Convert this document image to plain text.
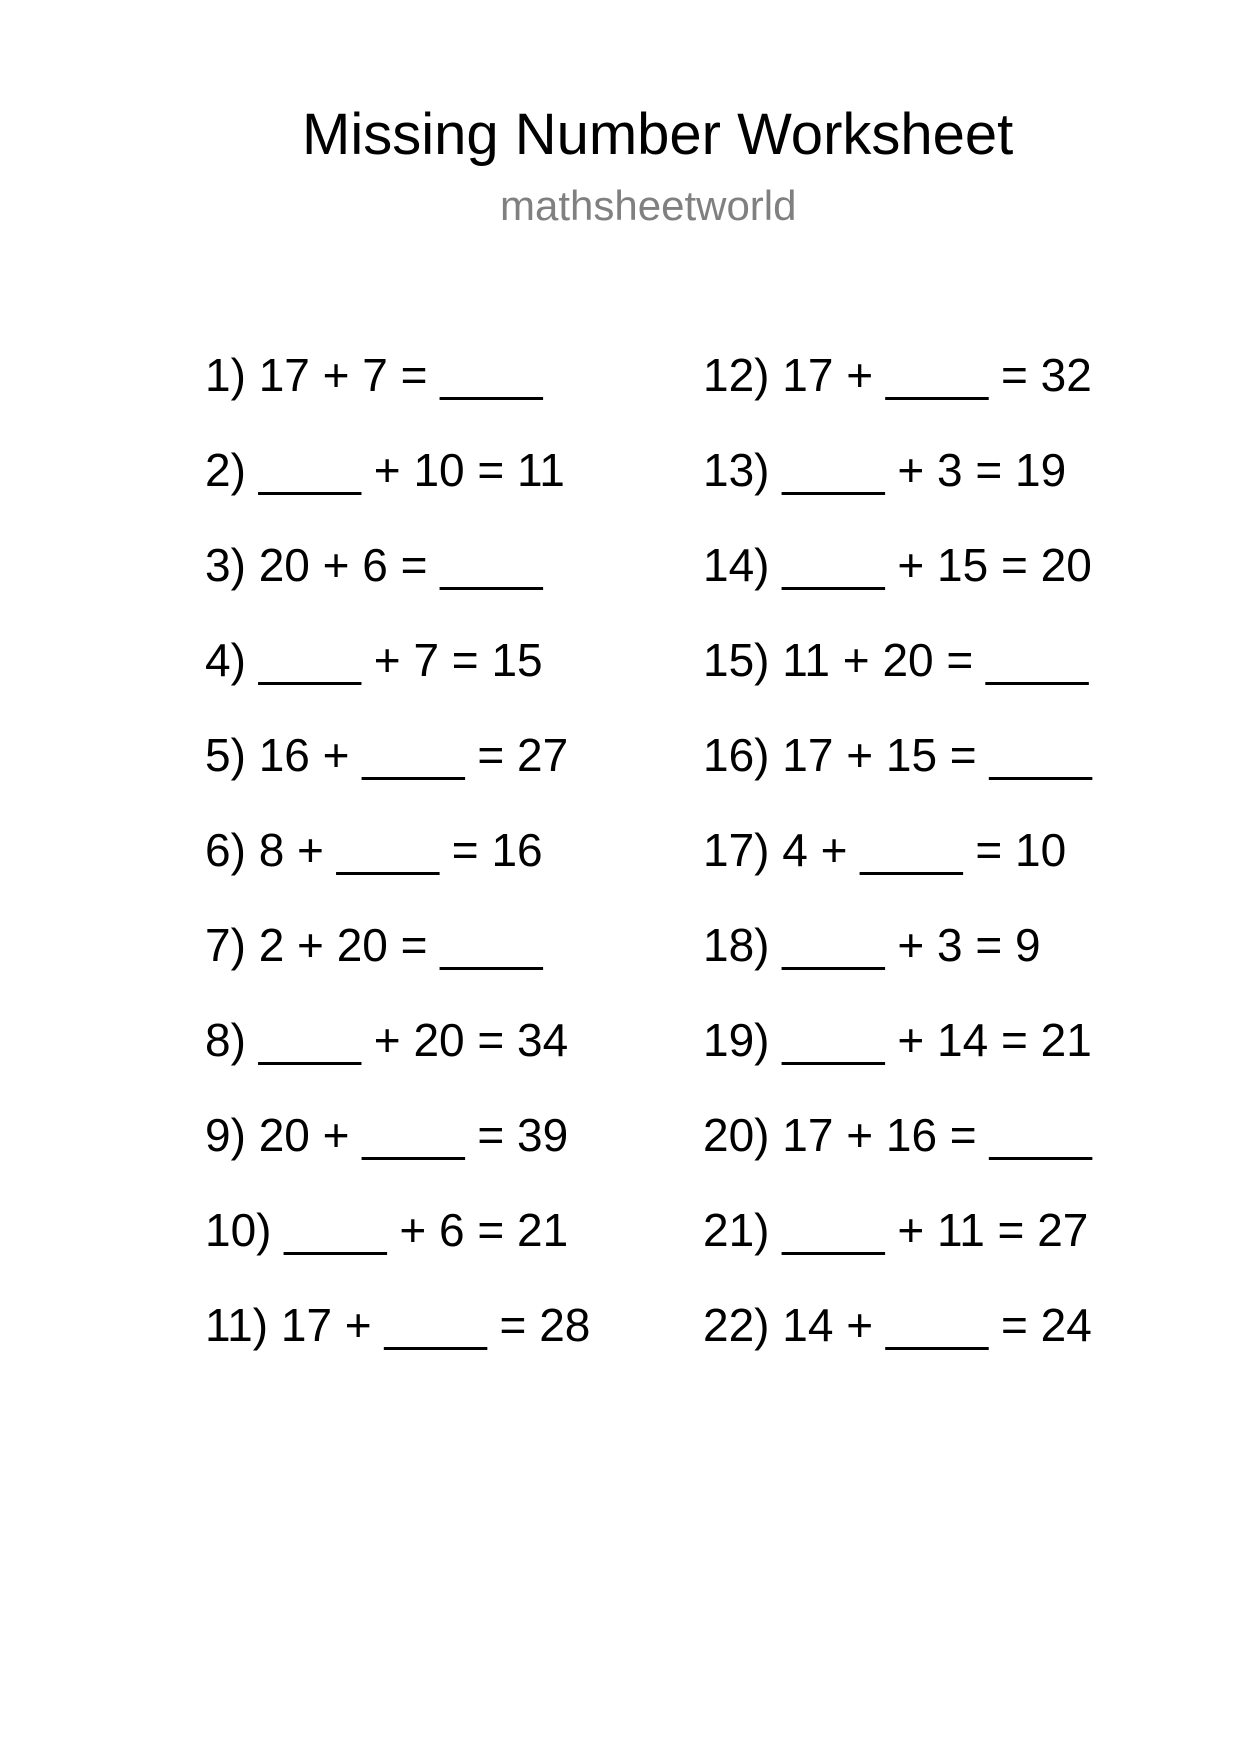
Missing Number Worksheet
mathsheetworld
1) 17 + 7 = ____
2) ____ + 10 = 11
3) 20 + 6 = ____
4) ____ + 7 = 15
5) 16 + ____ = 27
6) 8 + ____ = 16
7) 2 + 20 = ____
8) ____ + 20 = 34
9) 20 + ____ = 39
10) ____ + 6 = 21
11) 17 + ____ = 28
12) 17 + ____ = 32
13) ____ + 3 = 19
14) ____ + 15 = 20
15) 11 + 20 = ____
16) 17 + 15 = ____
17) 4 + ____ = 10
18) ____ + 3 = 9
19) ____ + 14 = 21
20) 17 + 16 = ____
21) ____ + 11 = 27
22) 14 + ____ = 24
